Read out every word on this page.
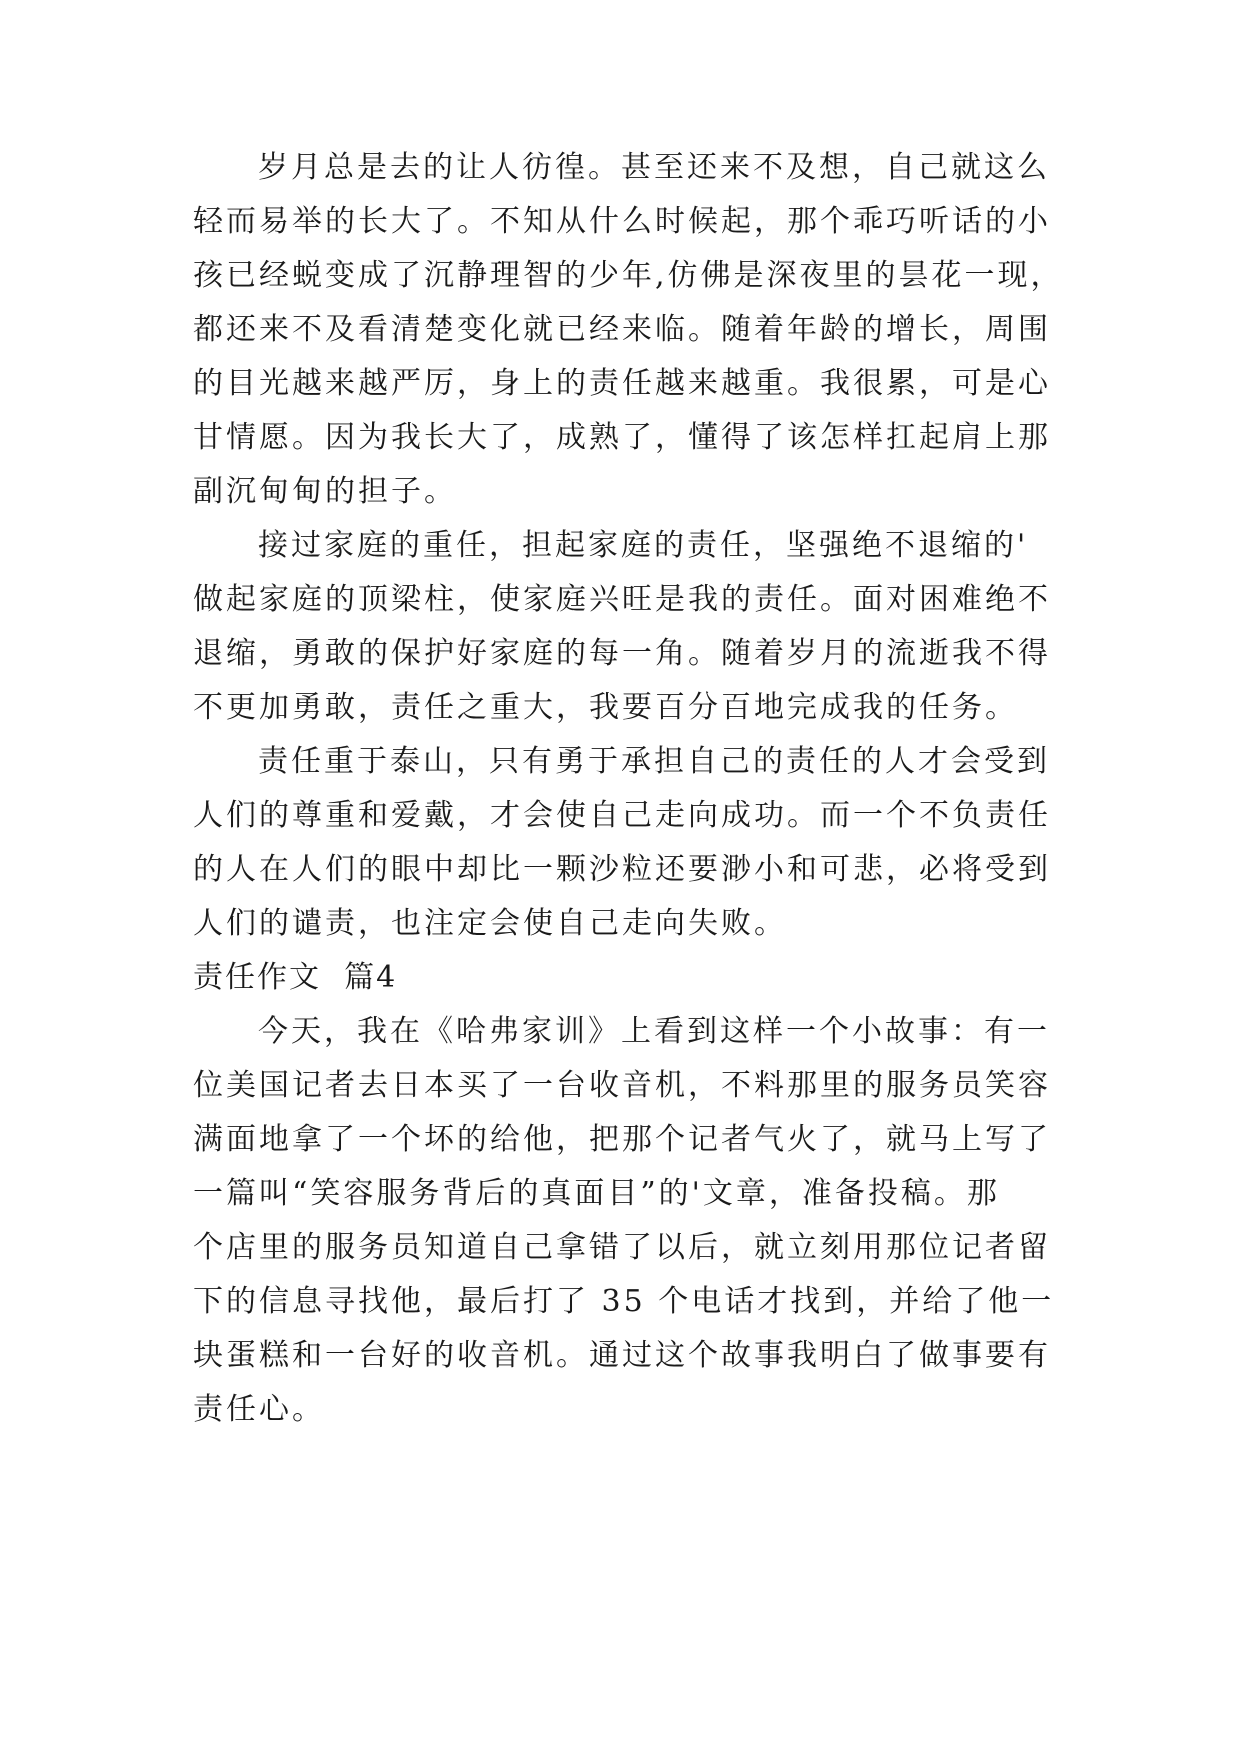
岁月总是去的让人彷徨。甚至还来不及想，自己就这么
轻而易举的长大了。不知从什么时候起，那个乖巧听话的小
孩已经蜕变成了沉静理智的少年,仿佛是深夜里的昙花一现，
都还来不及看清楚变化就已经来临。随着年龄的增长，周围
的目光越来越严厉，身上的责任越来越重。我很累，可是心
甘情愿。因为我长大了，成熟了，懂得了该怎样扛起肩上那
副沉甸甸的担子。
接过家庭的重任，担起家庭的责任，坚强绝不退缩的'
做起家庭的顶梁柱，使家庭兴旺是我的责任。面对困难绝不
退缩，勇敢的保护好家庭的每一角。随着岁月的流逝我不得
不更加勇敢，责任之重大，我要百分百地完成我的任务。
责任重于泰山，只有勇于承担自己的责任的人才会受到
人们的尊重和爱戴，才会使自己走向成功。而一个不负责任
的人在人们的眼中却比一颗沙粒还要渺小和可悲，必将受到
人们的谴责，也注定会使自己走向失败。
责任作文  篇4
今天，我在《哈弗家训》上看到这样一个小故事：有一
位美国记者去日本买了一台收音机，不料那里的服务员笑容
满面地拿了一个坏的给他，把那个记者气火了，就马上写了
一篇叫“笑容服务背后的真面目”的'文章，准备投稿。那
个店里的服务员知道自己拿错了以后，就立刻用那位记者留
下的信息寻找他，最后打了 35 个电话才找到，并给了他一
块蛋糕和一台好的收音机。通过这个故事我明白了做事要有
责任心。
